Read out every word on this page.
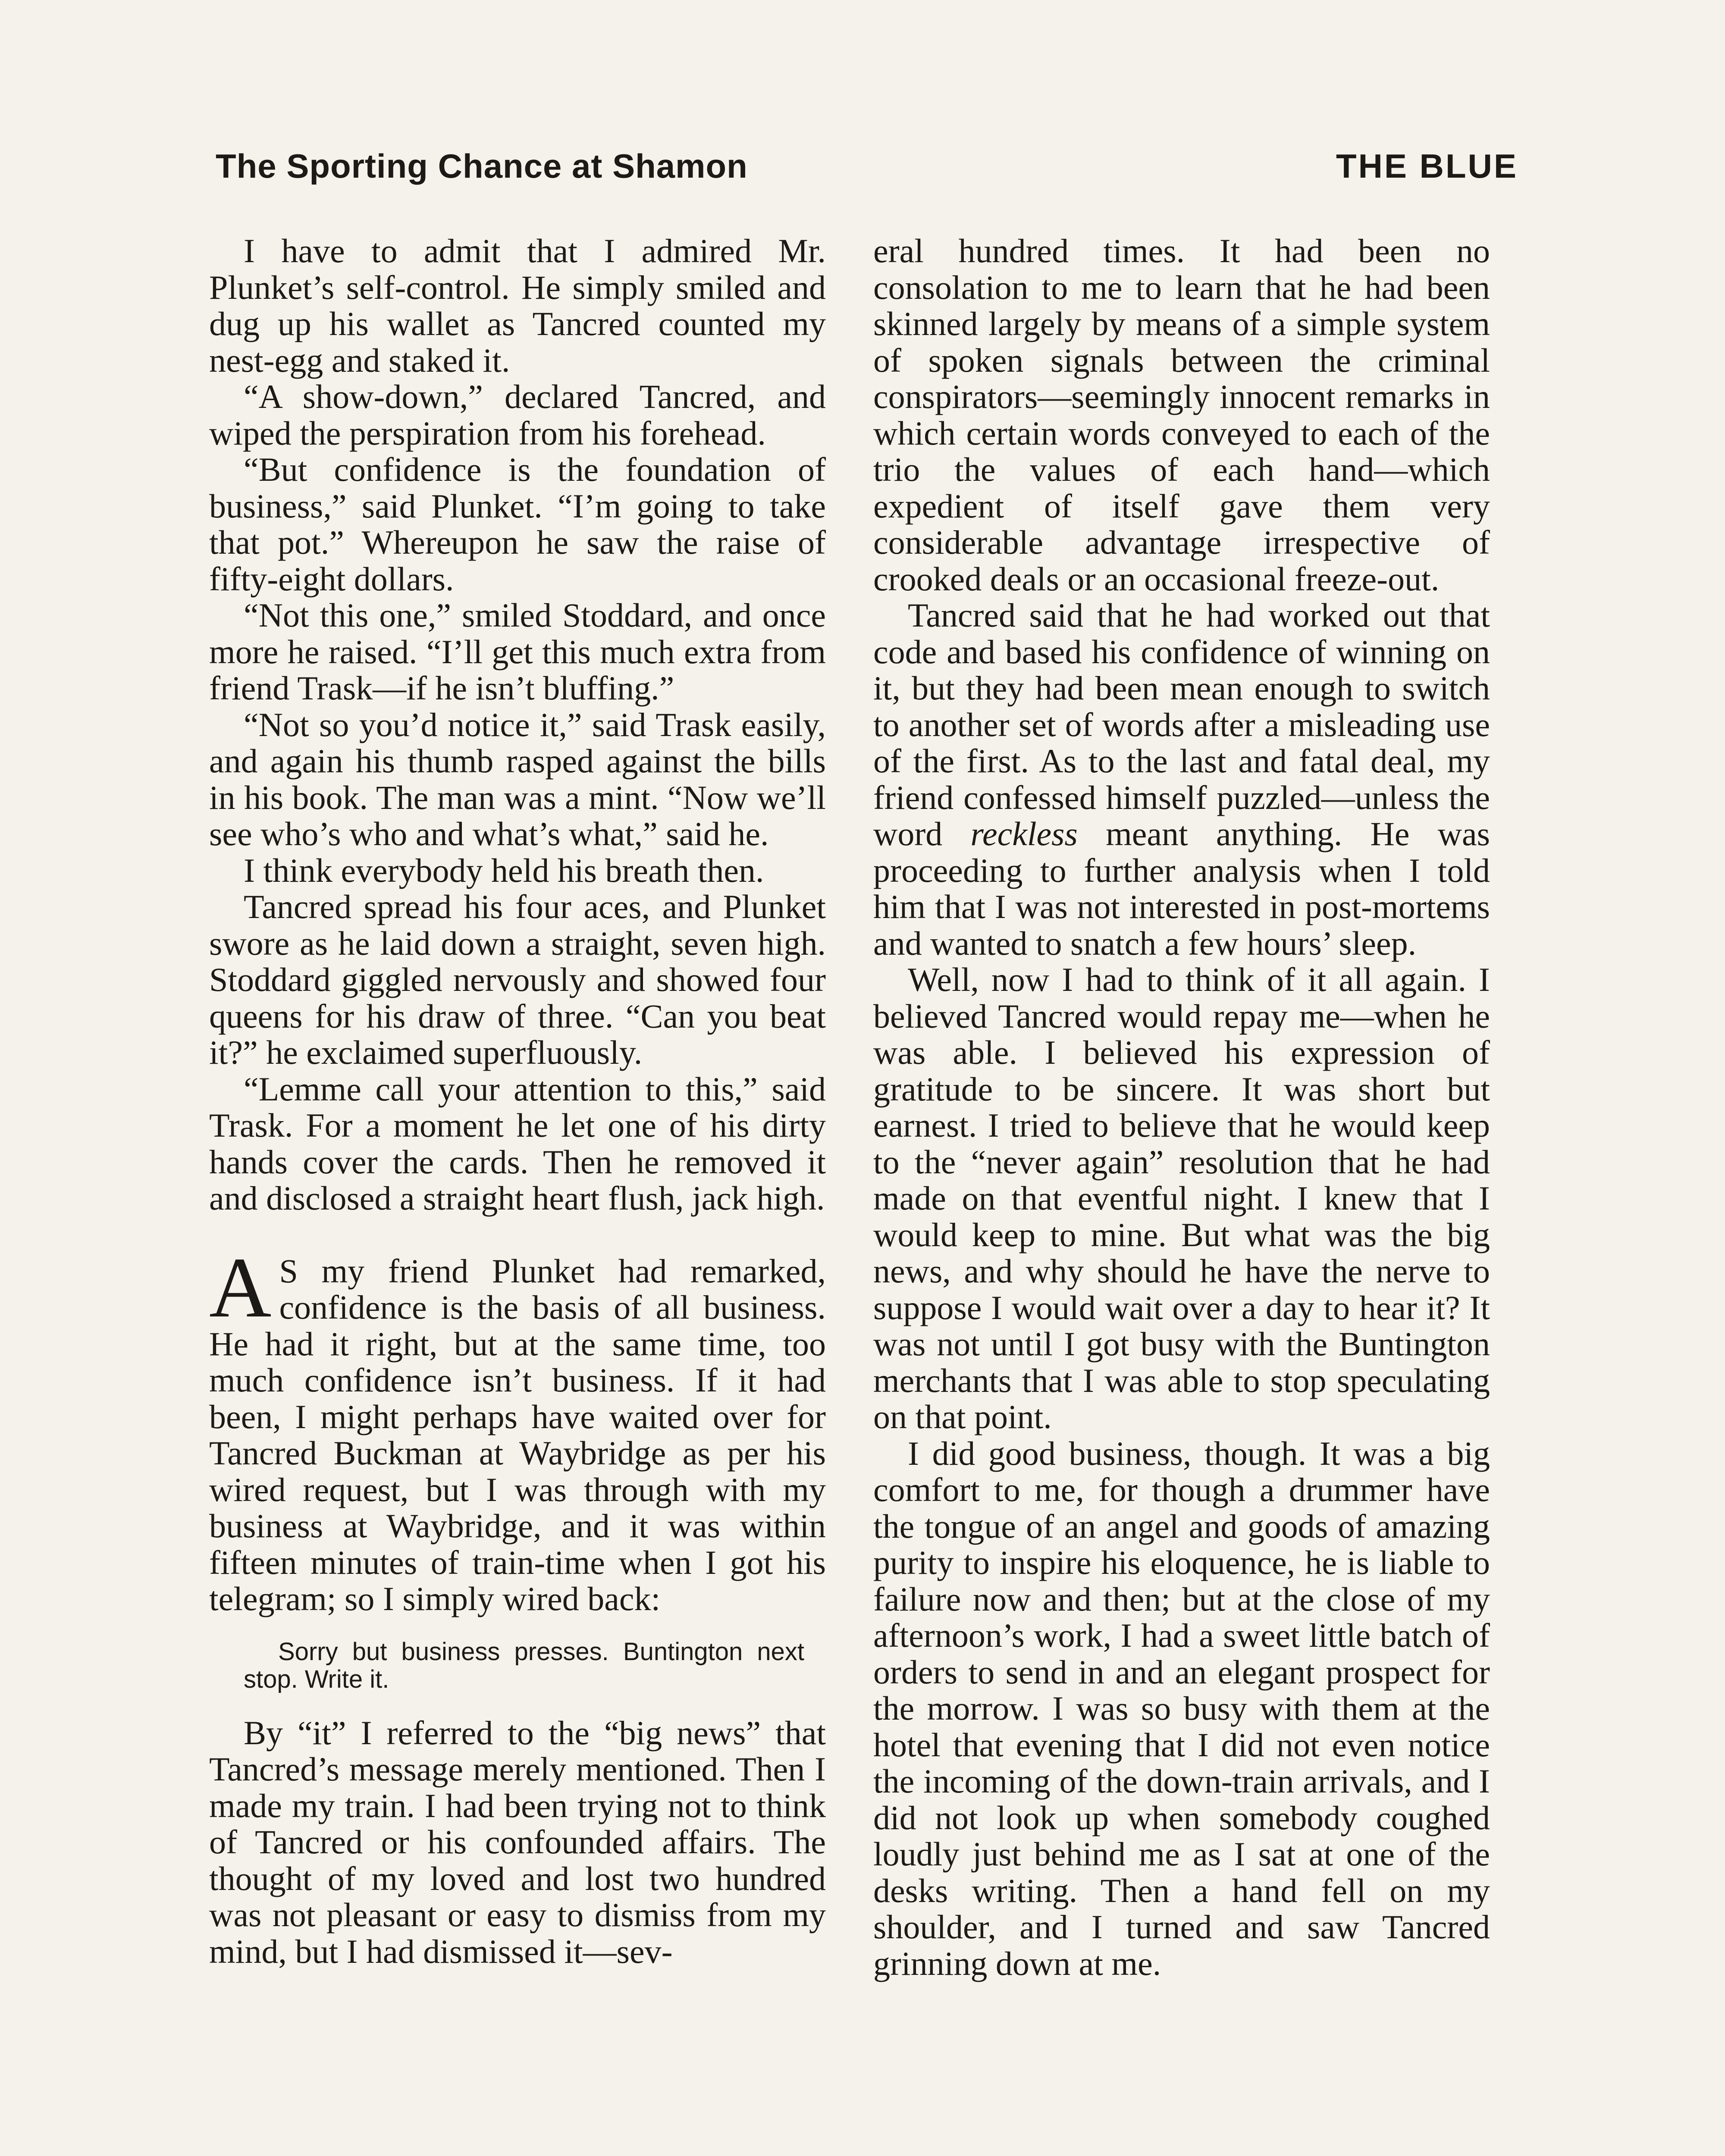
The Sporting Chance at Shamon	THE BLUE

I have to admit that I admired Mr. Plunket’s self-control. He simply smiled and dug up his wallet as Tancred counted my nest-egg and staked it.

“A show-down,” declared Tancred, and wiped the perspiration from his forehead.

“But confidence is the foundation of business,” said Plunket. “I’m going to take that pot.” Whereupon he saw the raise of fifty-eight dollars.

“Not this one,” smiled Stoddard, and once more he raised. “I’ll get this much extra from friend Trask—if he isn’t bluffing.”

“Not so you’d notice it,” said Trask easily, and again his thumb rasped against the bills in his book. The man was a mint. “Now we’ll see who’s who and what’s what,” said he.

I think everybody held his breath then.

Tancred spread his four aces, and Plunket swore as he laid down a straight, seven high. Stoddard giggled nervously and showed four queens for his draw of three. “Can you beat it?” he exclaimed superfluously.

“Lemme call your attention to this,” said Trask. For a moment he let one of his dirty hands cover the cards. Then he removed it and disclosed a straight heart flush, jack high.

A S my friend Plunket had remarked, confidence is the basis of all business. He had it right, but at the same time, too much confidence isn’t business. If it had been, I might perhaps have waited over for Tancred Buckman at Waybridge as per his wired request, but I was through with my business at Waybridge, and it was within fifteen minutes of train-time when I got his telegram; so I simply wired back:

Sorry but business presses. Buntington next stop. Write it.

By “it” I referred to the “big news” that Tancred’s message merely mentioned. Then I made my train. I had been trying not to think of Tancred or his confounded affairs. The thought of my loved and lost two hundred was not pleasant or easy to dismiss from my mind, but I had dismissed it—sev-

eral hundred times. It had been no consolation to me to learn that he had been skinned largely by means of a simple system of spoken signals between the criminal conspirators—seemingly innocent remarks in which certain words conveyed to each of the trio the values of each hand—which expedient of itself gave them very considerable advantage irrespective of crooked deals or an occasional freeze-out.

Tancred said that he had worked out that code and based his confidence of winning on it, but they had been mean enough to switch to another set of words after a misleading use of the first. As to the last and fatal deal, my friend confessed himself puzzled—unless the word reckless meant anything. He was proceeding to further analysis when I told him that I was not interested in post-mortems and wanted to snatch a few hours’ sleep.

Well, now I had to think of it all again. I believed Tancred would repay me—when he was able. I believed his expression of gratitude to be sincere. It was short but earnest. I tried to believe that he would keep to the “never again” resolution that he had made on that eventful night. I knew that I would keep to mine. But what was the big news, and why should he have the nerve to suppose I would wait over a day to hear it? It was not until I got busy with the Buntington merchants that I was able to stop speculating on that point.

I did good business, though. It was a big comfort to me, for though a drummer have the tongue of an angel and goods of amazing purity to inspire his eloquence, he is liable to failure now and then; but at the close of my afternoon’s work, I had a sweet little batch of orders to send in and an elegant prospect for the morrow. I was so busy with them at the hotel that evening that I did not even notice the incoming of the down-train arrivals, and I did not look up when somebody coughed loudly just behind me as I sat at one of the desks writing. Then a hand fell on my shoulder, and I turned and saw Tancred grinning down at me.
